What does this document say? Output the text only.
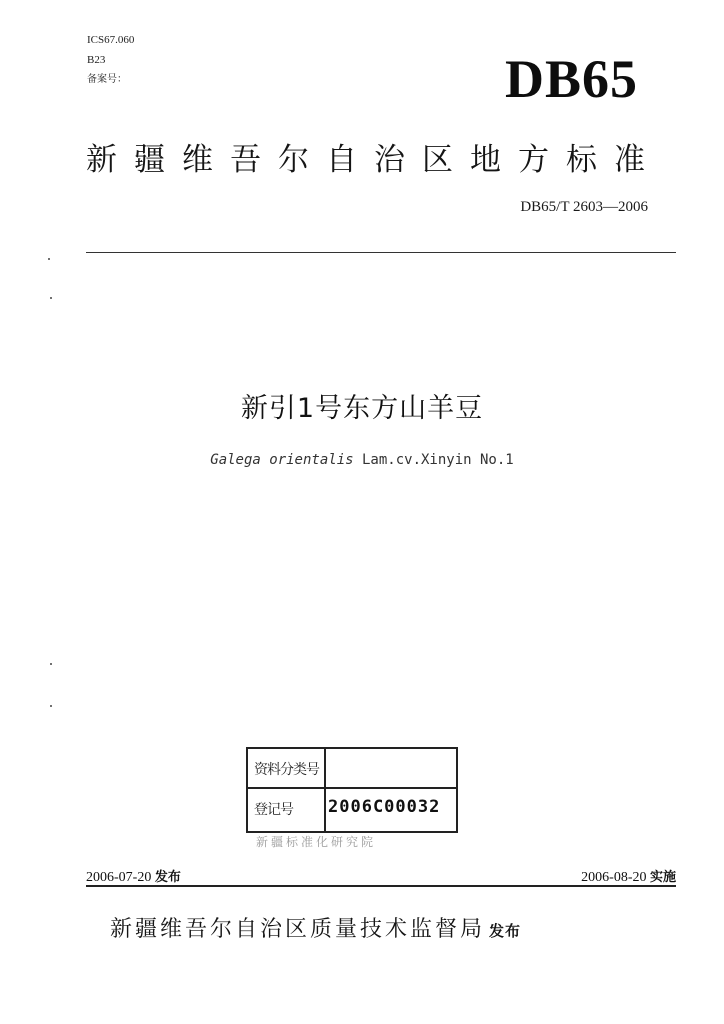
ICS67.060
B23
备案号：	DB65
新疆维吾尔自治区地方标准
DB65/T 2603—2006
新引1号东方山羊豆
Galega orientalis Lam.cv.Xinyin No.1
资料分类号
登记号 2006C00032
新疆标准化研究院
2006-07-20 发布	2006-08-20 实施
新疆维吾尔自治区质量技术监督局 发布
